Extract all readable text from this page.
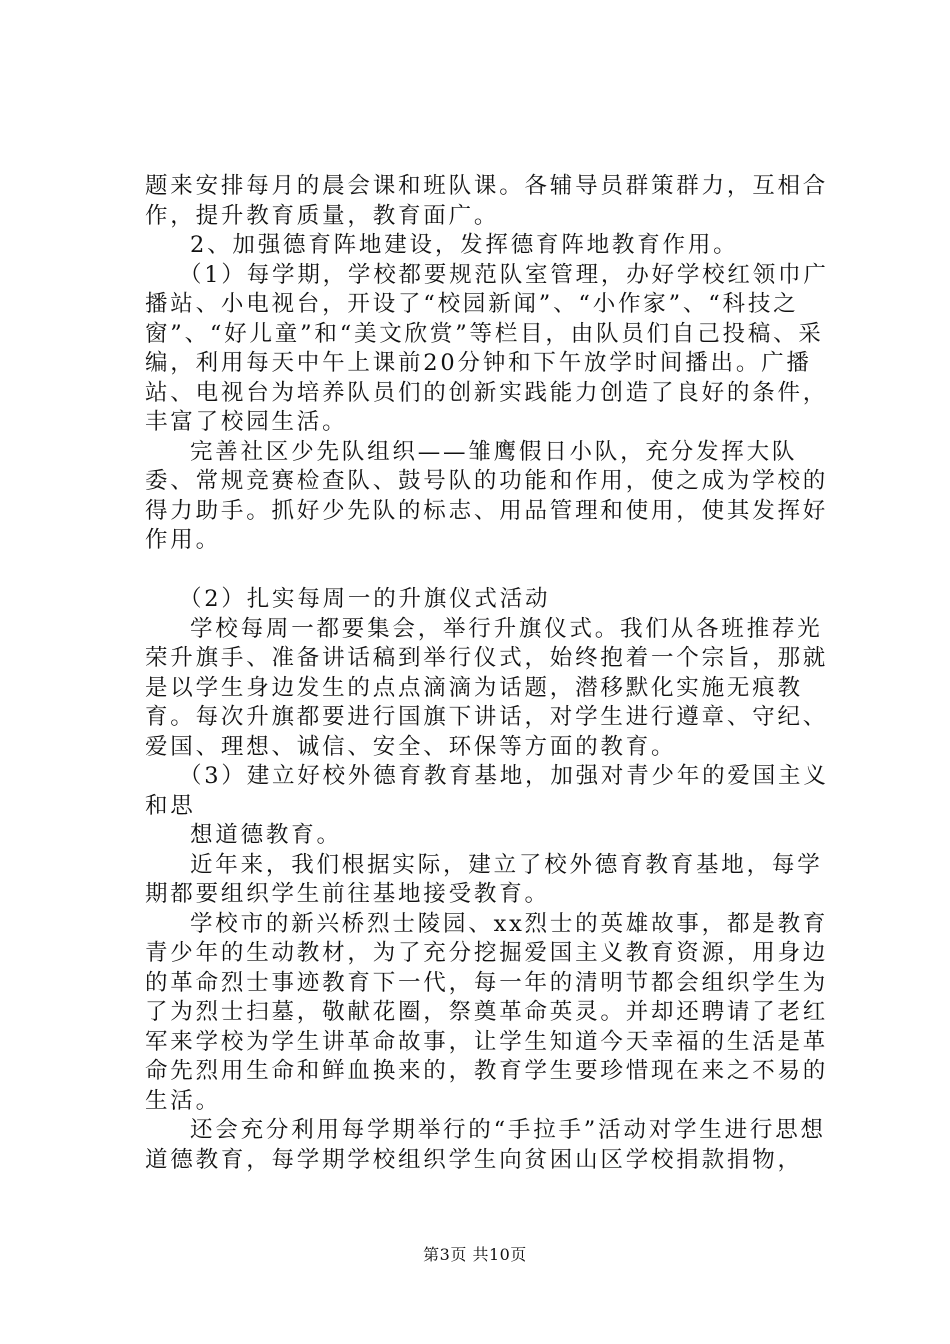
题来安排每月的晨会课和班队课。各辅导员群策群力，互相合作，提升教育质量，教育面广。

2、加强德育阵地建设，发挥德育阵地教育作用。

（1）每学期，学校都要规范队室管理，办好学校红领巾广播站、小电视台，开设了“校园新闻”、“小作家”、“科技之窗”、“好儿童”和“美文欣赏”等栏目，由队员们自己投稿、采编，利用每天中午上课前20分钟和下午放学时间播出。广播站、电视台为培养队员们的创新实践能力创造了良好的条件，丰富了校园生活。

完善社区少先队组织——雏鹰假日小队，充分发挥大队委、常规竞赛检查队、鼓号队的功能和作用，使之成为学校的得力助手。抓好少先队的标志、用品管理和使用，使其发挥好作用。

（2）扎实每周一的升旗仪式活动

学校每周一都要集会，举行升旗仪式。我们从各班推荐光荣升旗手、准备讲话稿到举行仪式，始终抱着一个宗旨，那就是以学生身边发生的点点滴滴为话题，潜移默化实施无痕教育。每次升旗都要进行国旗下讲话，对学生进行遵章、守纪、爱国、理想、诚信、安全、环保等方面的教育。

（3）建立好校外德育教育基地，加强对青少年的爱国主义和思

想道德教育。

近年来，我们根据实际，建立了校外德育教育基地，每学期都要组织学生前往基地接受教育。

学校市的新兴桥烈士陵园、xx烈士的英雄故事，都是教育青少年的生动教材，为了充分挖掘爱国主义教育资源，用身边的革命烈士事迹教育下一代，每一年的清明节都会组织学生为了为烈士扫墓，敬献花圈，祭奠革命英灵。并却还聘请了老红军来学校为学生讲革命故事，让学生知道今天幸福的生活是革命先烈用生命和鲜血换来的，教育学生要珍惜现在来之不易的生活。

还会充分利用每学期举行的“手拉手”活动对学生进行思想道德教育，每学期学校组织学生向贫困山区学校捐款捐物，

第3页 共10页
